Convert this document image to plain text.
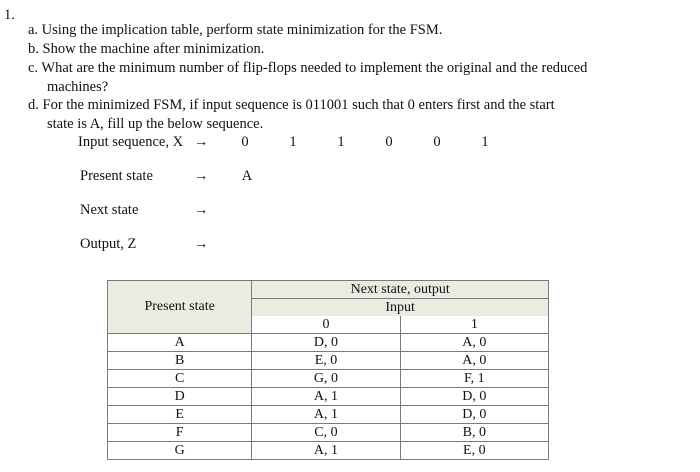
1.
a. Using the implication table, perform state minimization for the FSM.
b. Show the machine after minimization.
c. What are the minimum number of flip-flops needed to implement the original and the reduced
machines?
d. For the minimized FSM, if input sequence is 011001 such that 0 enters first and the start
state is A, fill up the below sequence.
Input sequence, X →	0	1	1	0	0	1
Present state	→	A
Next state	→
Output, Z	→
Present state	Next state, output	
	Input	
	0	1
A	D, 0	A, 0
B	E, 0	A, 0
C	G, 0	F, 1
D	A, 1	D, 0
E	A, 1	D, 0
F	C, 0	B, 0
G	A, 1	E, 0
